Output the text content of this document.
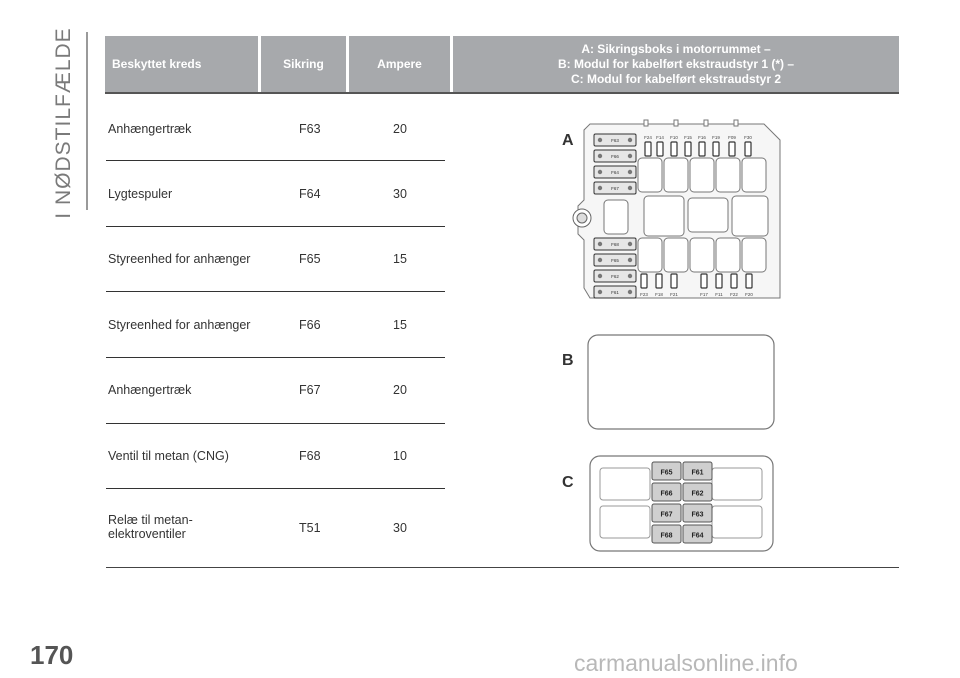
I NØDSTILFÆLDE
170	carmanualsonline.info
Beskyttet kreds	Sikring	Ampere
A: Sikringsboks i motorrummet –
B: Modul for kabelført ekstraudstyr 1 (*) –
C: Modul for kabelført ekstraudstyr 2
Anhængertræk	F63	20
Lygtespuler	F64	30
Styreenhed for anhænger	F65	15
Styreenhed for anhænger	F66	15
Anhængertræk	F67	20
Ventil til metan (CNG)	F68	10
Relæ til metan-
elektroventiler	T51	30
A
B
C
F24 F14 F10 F15 F16 F19 F09 F30
F23 F18 F21	F17 F11 F22 F20
F63
F66
F64
F67
F68
F65
F62
F61
F65	F61
F66	F62
F67	F63
F68	F64
